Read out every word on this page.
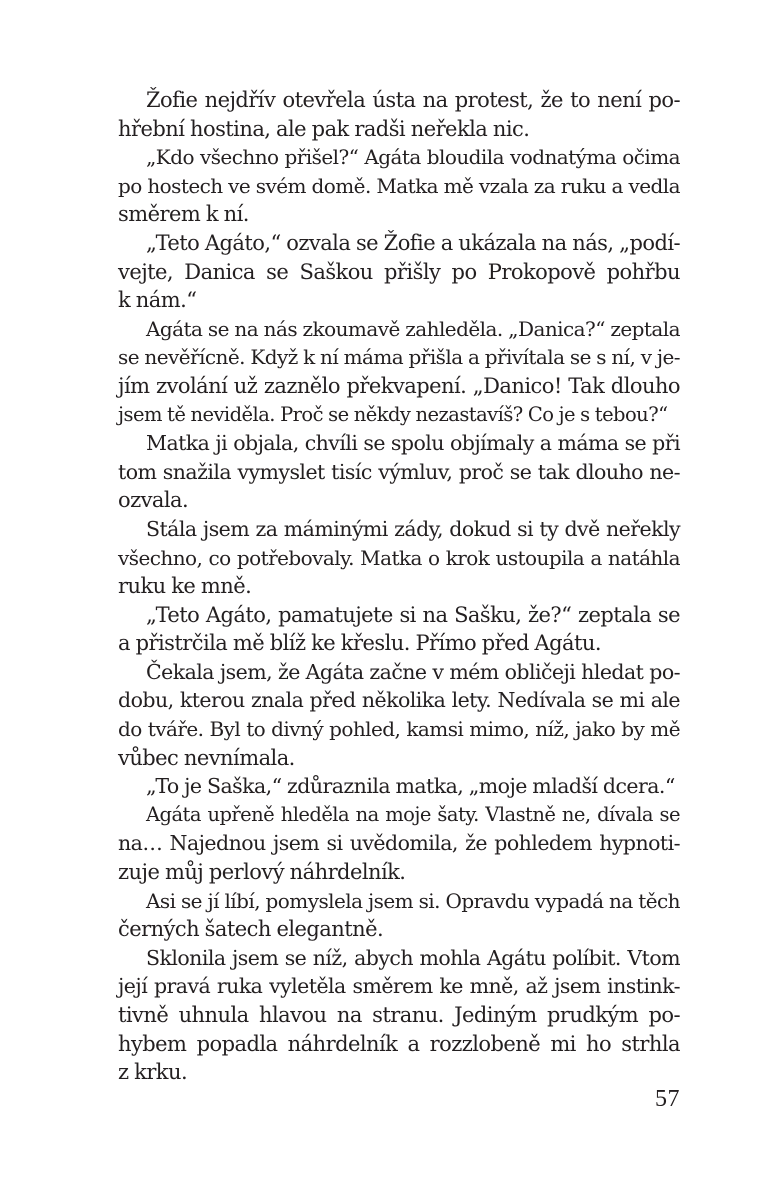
Žofie nejdřív otevřela ústa na protest, že to není po-
hřební hostina, ale pak radši neřekla nic.
„Kdo všechno přišel?“ Agáta bloudila vodnatýma očima
po hostech ve svém domě. Matka mě vzala za ruku a vedla
směrem k ní.
„Teto Agáto,“ ozvala se Žofie a ukázala na nás, „podí-
vejte, Danica se Saškou přišly po Prokopově pohřbu
k nám.“
Agáta se na nás zkoumavě zahleděla. „Danica?“ zeptala
se nevěřícně. Když k ní máma přišla a přivítala se s ní, v je-
jím zvolání už zaznělo překvapení. „Danico! Tak dlouho
jsem tě neviděla. Proč se někdy nezastavíš? Co je s tebou?“
Matka ji objala, chvíli se spolu objímaly a máma se při
tom snažila vymyslet tisíc výmluv, proč se tak dlouho ne-
ozvala.
Stála jsem za máminými zády, dokud si ty dvě neřekly
všechno, co potřebovaly. Matka o krok ustoupila a natáhla
ruku ke mně.
„Teto Agáto, pamatujete si na Sašku, že?“ zeptala se
a přistrčila mě blíž ke křeslu. Přímo před Agátu.
Čekala jsem, že Agáta začne v mém obličeji hledat po-
dobu, kterou znala před několika lety. Nedívala se mi ale
do tváře. Byl to divný pohled, kamsi mimo, níž, jako by mě
vůbec nevnímala.
„To je Saška,“ zdůraznila matka, „moje mladší dcera.“
Agáta upřeně hleděla na moje šaty. Vlastně ne, dívala se
na… Najednou jsem si uvědomila, že pohledem hypnoti-
zuje můj perlový náhrdelník.
Asi se jí líbí, pomyslela jsem si. Opravdu vypadá na těch
černých šatech elegantně.
Sklonila jsem se níž, abych mohla Agátu políbit. Vtom
její pravá ruka vyletěla směrem ke mně, až jsem instink-
tivně uhnula hlavou na stranu. Jediným prudkým po-
hybem popadla náhrdelník a rozzlobeně mi ho strhla
z krku.
57
